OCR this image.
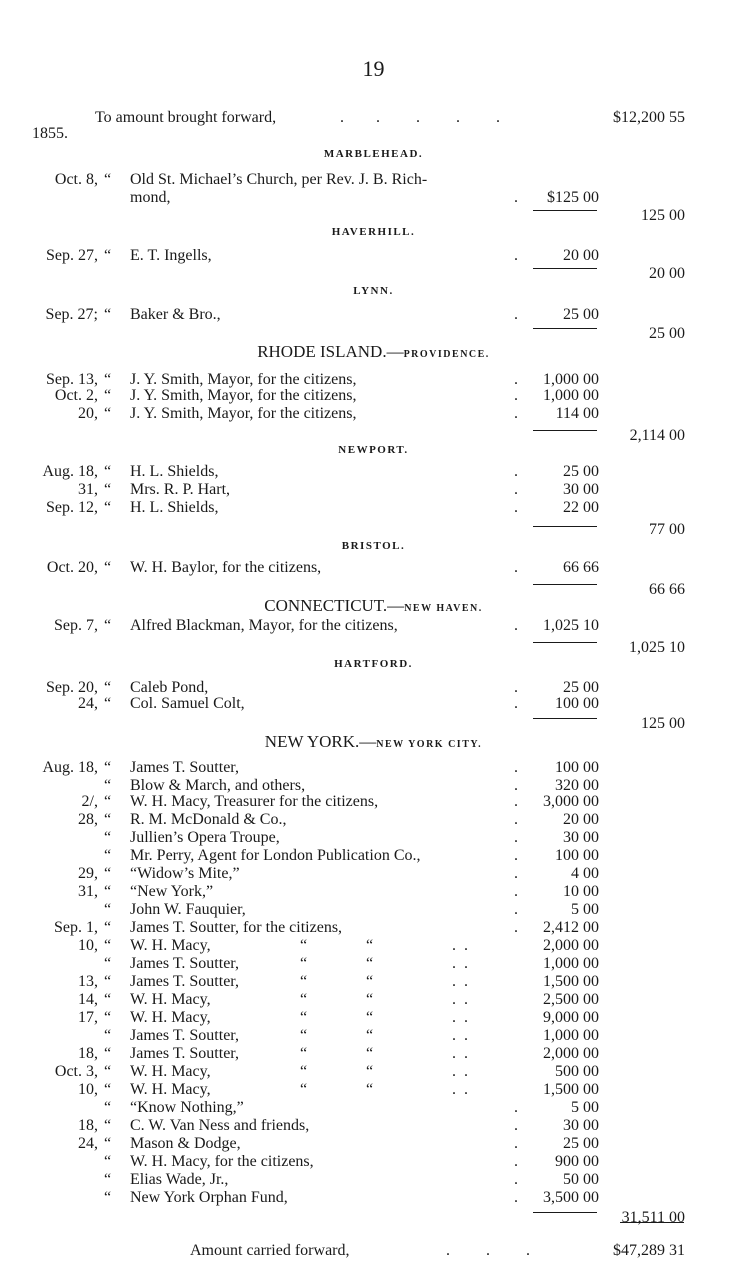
19
To amount brought forward,	.        .         .         .         .	$12,200 55
1855.
MARBLEHEAD.
Oct. 8, “ Old St. Michael’s Church, per Rev. J. B. Rich-
mond,	. $125 00
125 00
HAVERHILL.
Sep. 27, “ E. T. Ingells,	.	20 00
20 00
LYNN.
Sep. 27; “ Baker & Bro.,	.	25 00
25 00
RHODE ISLAND.—PROVIDENCE.
Sep. 13, “ J. Y. Smith, Mayor, for the citizens,	. 1,000 00
Oct. 2, “ J. Y. Smith, Mayor, for the citizens,	. 1,000 00
20, “ J. Y. Smith, Mayor, for the citizens,	. 114 00
2,114 00
NEWPORT.
Aug. 18, “ H. L. Shields,	.	25 00
31, “ Mrs. R. P. Hart,	.	30 00
Sep. 12, “ H. L. Shields,	.	22 00
77 00
BRISTOL.
Oct. 20, “ W. H. Baylor, for the citizens,	.	66 66
66 66
CONNECTICUT.—NEW HAVEN.
Sep. 7, “ Alfred Blackman, Mayor, for the citizens,	. 1,025 10
1,025 10
HARTFORD.
Sep. 20, “ Caleb Pond,	.	25 00
24, “ Col. Samuel Colt,	. 100 00
125 00
NEW YORK.—NEW YORK CITY.
Aug. 18, “ James T. Soutter,	. 100 00
“ Blow & March, and others,	. 320 00
2/, “ W. H. Macy, Treasurer for the citizens,	. 3,000 00
28, “ R. M. McDonald & Co.,	.	20 00
“ Jullien’s Opera Troupe,	.	30 00
“ Mr. Perry, Agent for London Publication Co.,	. 100 00
29, “ “Widow’s Mite,”	.	4 00
31, “ “New York,”	.	10 00
“ John W. Fauquier,	.	5 00
Sep. 1, “ James T. Soutter, for the citizens,	. 2,412 00
10, “ W. H. Macy,	“	“	.  .	2,000 00
“ James T. Soutter,	“	“	.  .	1,000 00
13, “ James T. Soutter,	“	“	.  .	1,500 00
14, “ W. H. Macy,	“	“	.  .	2,500 00
17, “ W. H. Macy,	“	“	.  .	9,000 00
“ James T. Soutter,	“	“	.  .	1,000 00
18, “ James T. Soutter,	“	“	.  .	2,000 00
Oct. 3, “ W. H. Macy,	“	“	.  .	500 00
10, “ W. H. Macy,	“	“	.  .	1,500 00
“ “Know Nothing,”	.	5 00
18, “ C. W. Van Ness and friends,	.	30 00
24, “ Mason & Dodge,	.	25 00
“ W. H. Macy, for the citizens,	. 900 00
“ Elias Wade, Jr.,	.	50 00
“ New York Orphan Fund,	. 3,500 00
31,511 00
Amount carried forward,	.         .         .	$47,289 31
